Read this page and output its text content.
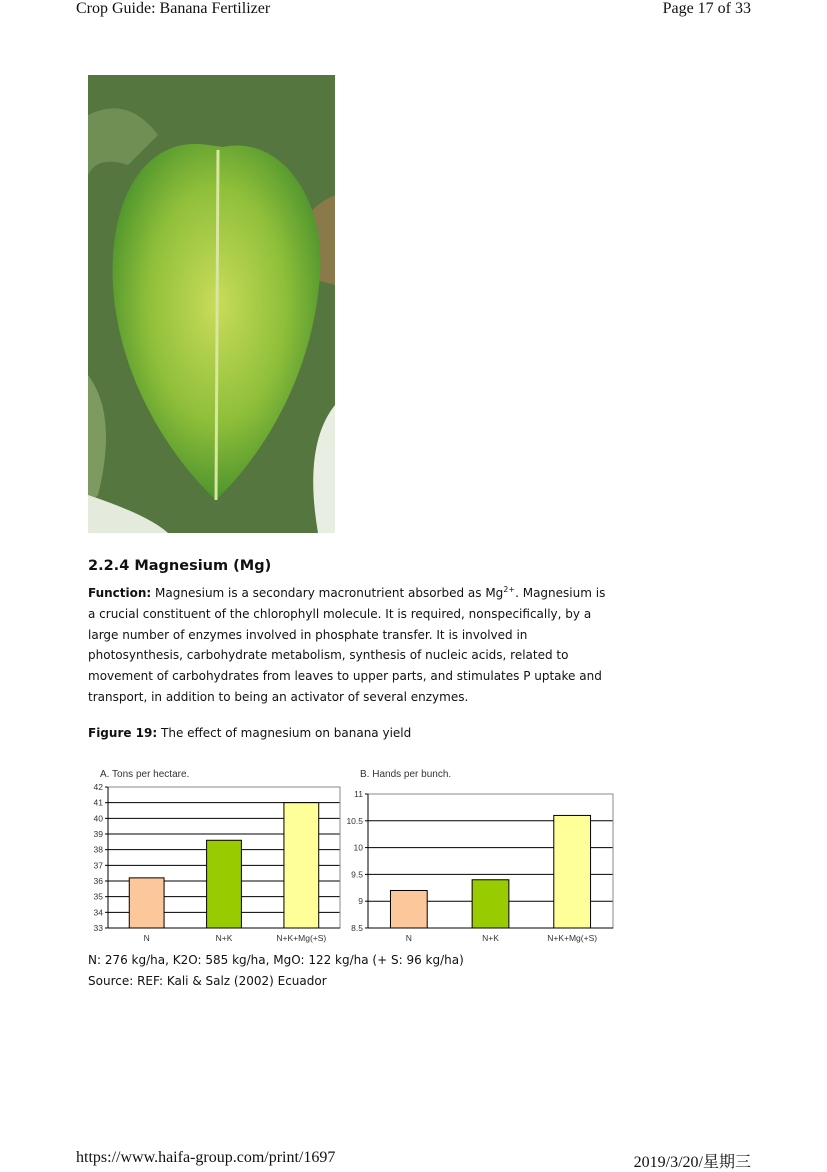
Crop Guide: Banana Fertilizer	Page 17 of 33
2.2.4 Magnesium (Mg)
Function: Magnesium is a secondary macronutrient absorbed as $Mg^{2+}$. Magnesium is a crucial constituent of the chlorophyll molecule. It is required, nonspecifically, by a large number of enzymes involved in phosphate transfer. It is involved in photosynthesis, carbohydrate metabolism, synthesis of nucleic acids, related to movement of carbohydrates from leaves to upper parts, and stimulates P uptake and transport, in addition to being an activator of several enzymes.
Figure 19: The effect of magnesium on banana yield
A. Tons per hectare.
33
34
35
36
37
38
39
40
41
42
N	N+K	N+K+Mg(+S)
B. Hands per bunch.
8.5
9
9.5
10
10.5
11
N	N+K	N+K+Mg(+S)
N: 276 kg/ha, K2O: 585 kg/ha, MgO: 122 kg/ha (+ S: 96 kg/ha)
Source: REF: Kali & Salz (2002) Ecuador
https://www.haifa-group.com/print/1697	2019/3/20/星期三
